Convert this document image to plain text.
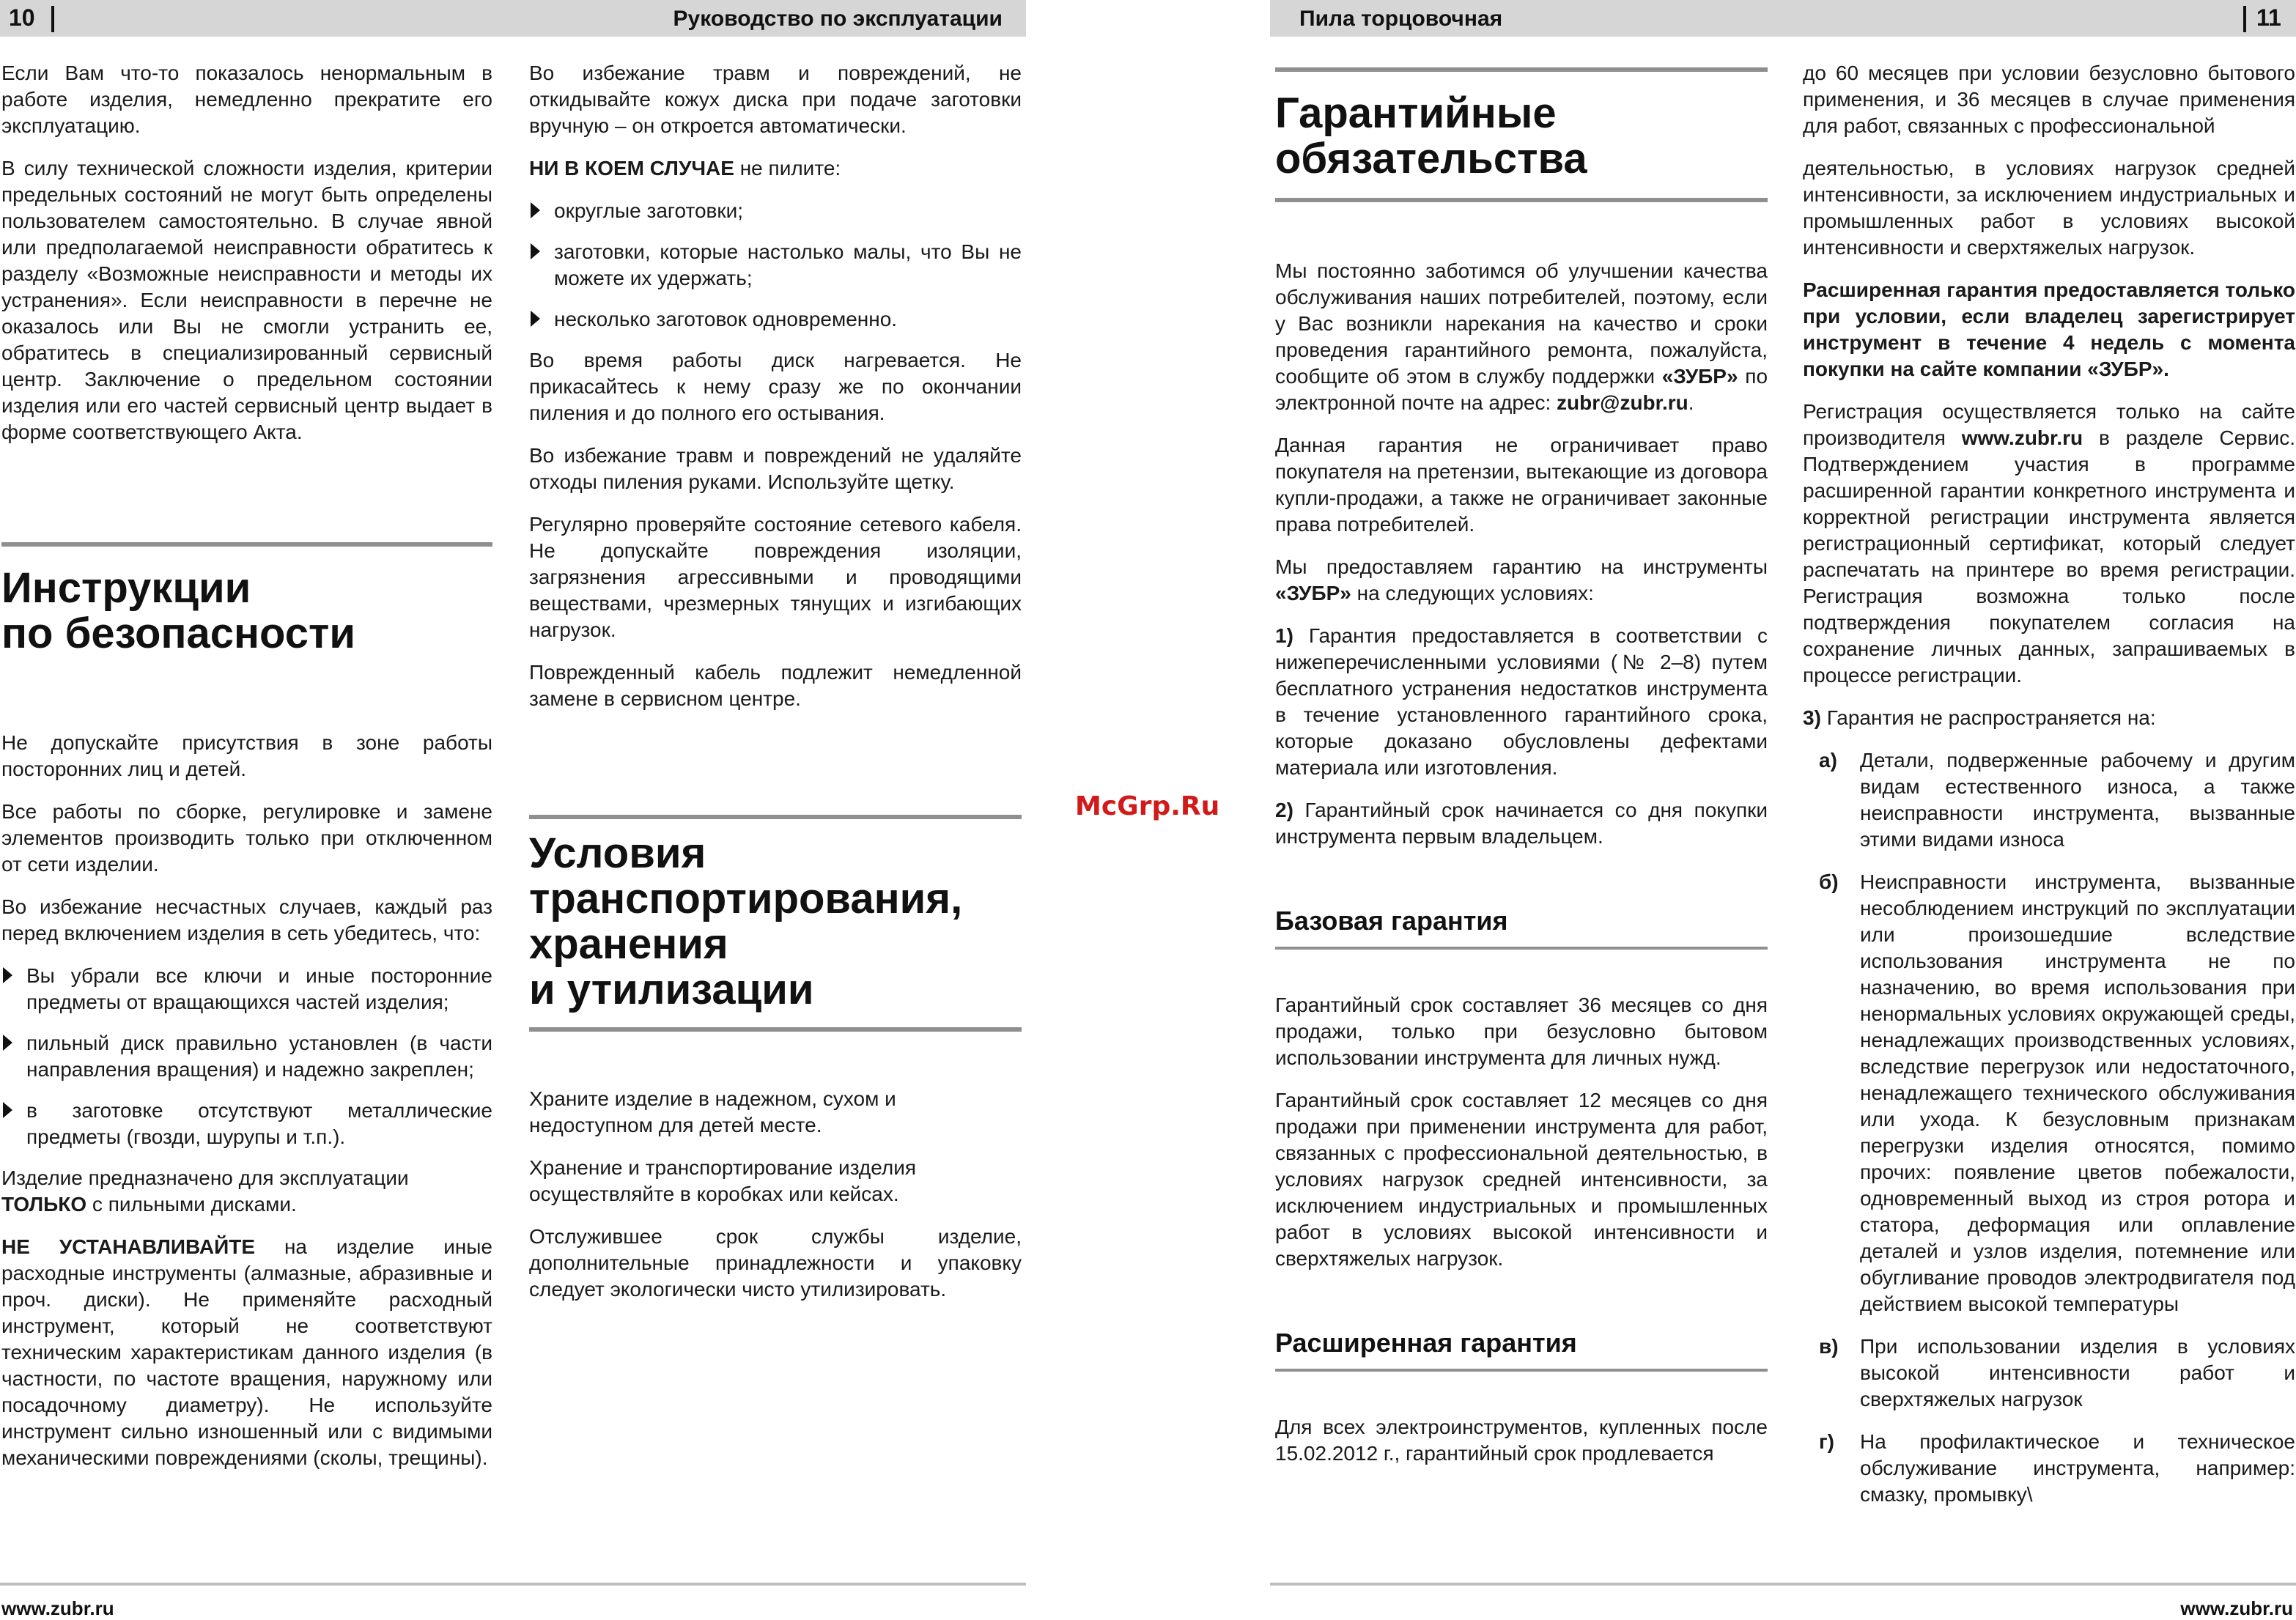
10	Руководство по эксплуатации	Пила торцовочная	11

Если Вам что-то показалось ненормальным в работе изделия, немедленно прекратите его эксплуатацию.

В силу технической сложности изделия, критерии предельных состояний не могут быть определены пользователем самостоятельно. В случае явной или предполагаемой неисправности обратитесь к разделу «Возможные неисправности и методы их устранения». Если неисправности в перечне не оказалось или Вы не смогли устранить ее, обратитесь в специализированный сервисный центр. Заключение о предельном состоянии изделия или его частей сервисный центр выдает в форме соответствующего Акта.

Инструкции
по безопасности

Не допускайте присутствия в зоне работы посторонних лиц и детей.

Все работы по сборке, регулировке и замене элементов производить только при отключенном от сети изделии.

Во избежание несчастных случаев, каждый раз перед включением изделия в сеть убедитесь, что:

Вы убрали все ключи и иные посторонние предметы от вращающихся частей изделия;
пильный диск правильно установлен (в части направления вращения) и надежно закреплен;
в заготовке отсутствуют металлические предметы (гвозди, шурупы и т.п.).

Изделие предназначено для эксплуатации
ТОЛЬКО с пильными дисками.

НЕ УСТАНАВЛИВАЙТЕ на изделие иные расходные инструменты (алмазные, абразивные и проч. диски). Не применяйте расходный инструмент, который не соответствуют техническим характеристикам данного изделия (в частности, по частоте вращения, наружному или посадочному диаметру). Не используйте инструмент сильно изношенный или с видимыми механическими повреждениями (сколы, трещины).

Во избежание травм и повреждений, не откидывайте кожух диска при подаче заготовки вручную – он откроется автоматически.

НИ В КОЕМ СЛУЧАЕ не пилите:

округлые заготовки;
заготовки, которые настолько малы, что Вы не можете их удержать;
несколько заготовок одновременно.

Во время работы диск нагревается. Не прикасайтесь к нему сразу же по окончании пиления и до полного его остывания.

Во избежание травм и повреждений не удаляйте отходы пиления руками. Используйте щетку.

Регулярно проверяйте состояние сетевого кабеля. Не допускайте повреждения изоляции, загрязнения агрессивными и проводящими веществами, чрезмерных тянущих и изгибающих нагрузок.

Поврежденный кабель подлежит немедленной замене в сервисном центре.

Условия
транспортирования,
хранения
и утилизации

Храните изделие в надежном, сухом и недоступном для детей месте.

Хранение и транспортирование изделия осуществляйте в коробках или кейсах.

Отслужившее срок службы изделие, дополнительные принадлежности и упаковку следует экологически чисто утилизировать.

McGrp.Ru
Гарантийные
обязательства

Мы постоянно заботимся об улучшении качества обслуживания наших потребителей, поэтому, если у Вас возникли нарекания на качество и сроки проведения гарантийного ремонта, пожалуйста, сообщите об этом в службу поддержки «ЗУБР» по электронной почте на адрес: zubr@zubr.ru.

Данная гарантия не ограничивает право покупателя на претензии, вытекающие из договора купли-продажи, а также не ограничивает законные права потребителей.

Мы предоставляем гарантию на инструменты «ЗУБР» на следующих условиях:

1) Гарантия предоставляется в соответствии с нижеперечисленными условиями (№ 2–8) путем бесплатного устранения недостатков инструмента в течение установленного гарантийного срока, которые доказано обусловлены дефектами материала или изготовления.

2) Гарантийный срок начинается со дня покупки инструмента первым владельцем.

Базовая гарантия

Гарантийный срок составляет 36 месяцев со дня продажи, только при безусловно бытовом использовании инструмента для личных нужд.

Гарантийный срок составляет 12 месяцев со дня продажи при применении инструмента для работ, связанных с профессиональной деятельностью, в условиях нагрузок средней интенсивности, за исключением индустриальных и промышленных работ в условиях высокой интенсивности и сверхтяжелых нагрузок.

Расширенная гарантия

Для всех электроинструментов, купленных после 15.02.2012 г., гарантийный срок продлевается

до 60 месяцев при условии безусловно бытового применения, и 36 месяцев в случае применения для работ, связанных с профессиональной

деятельностью, в условиях нагрузок средней интенсивности, за исключением индустриальных и промышленных работ в условиях высокой интенсивности и сверхтяжелых нагрузок.

Расширенная гарантия предоставляется только при условии, если владелец зарегистрирует инструмент в течение 4 недель с момента покупки на сайте компании «ЗУБР».

Регистрация осуществляется только на сайте производителя www.zubr.ru в разделе Сервис. Подтверждением участия в программе расширенной гарантии конкретного инструмента и корректной регистрации инструмента является регистрационный сертификат, который следует распечатать на принтере во время регистрации. Регистрация возможна только после подтверждения покупателем согласия на сохранение личных данных, запрашиваемых в процессе регистрации.

3) Гарантия не распространяется на:

а) Детали, подверженные рабочему и другим видам естественного износа, а также неисправности инструмента, вызванные этими видами износа
б) Неисправности инструмента, вызванные несоблюдением инструкций по эксплуатации или произошедшие вследствие использования инструмента не по назначению, во время использования при ненормальных условиях окружающей среды, ненадлежащих производственных условиях, вследствие перегрузок или недостаточного, ненадлежащего технического обслуживания или ухода. К безусловным признакам перегрузки изделия относятся, помимо прочих: появление цветов побежалости, одновременный выход из строя ротора и статора, деформация или оплавление деталей и узлов изделия, потемнение или обугливание проводов электродвигателя под действием высокой температуры
в) При использовании изделия в условиях высокой интенсивности работ и сверхтяжелых нагрузок
г) На профилактическое и техническое обслуживание инструмента, например: смазку, промывку\
www.zubr.ru	www.zubr.ru
